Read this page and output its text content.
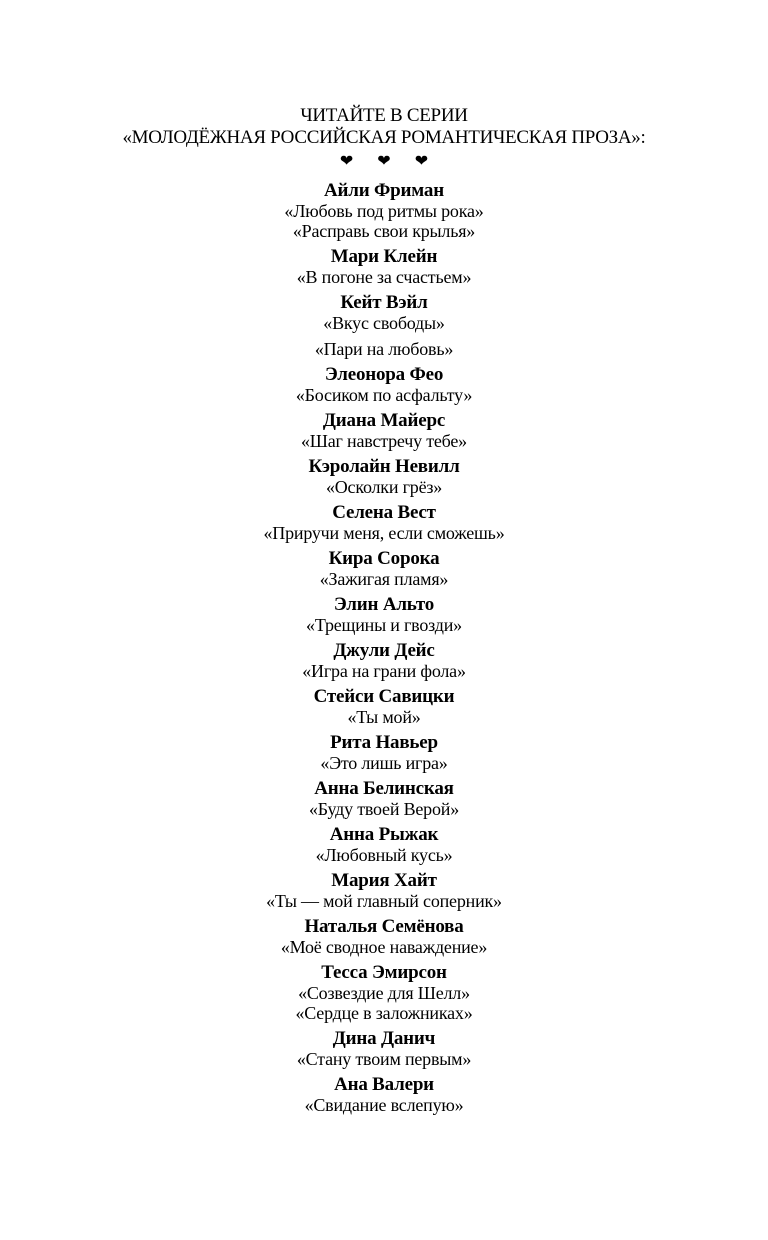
ЧИТАЙТЕ В СЕРИИ
«МОЛОДЁЖНАЯ РОССИЙСКАЯ РОМАНТИЧЕСКАЯ ПРОЗА»:
❤ ❤ ❤
Айли Фриман
«Любовь под ритмы рока»
«Расправь свои крылья»
Мари Клейн
«В погоне за счастьем»
Кейт Вэйл
«Вкус свободы»
«Пари на любовь»
Элеонора Фео
«Босиком по асфальту»
Диана Майерс
«Шаг навстречу тебе»
Кэролайн Невилл
«Осколки грёз»
Селена Вест
«Приручи меня, если сможешь»
Кира Сорока
«Зажигая пламя»
Элин Альто
«Трещины и гвозди»
Джули Дейс
«Игра на грани фола»
Стейси Савицки
«Ты мой»
Рита Навьер
«Это лишь игра»
Анна Белинская
«Буду твоей Верой»
Анна Рыжак
«Любовный кусь»
Мария Хайт
«Ты — мой главный соперник»
Наталья Семёнова
«Моё сводное наваждение»
Тесса Эмирсон
«Созвездие для Шелл»
«Сердце в заложниках»
Дина Данич
«Стану твоим первым»
Ана Валери
«Свидание вслепую»
